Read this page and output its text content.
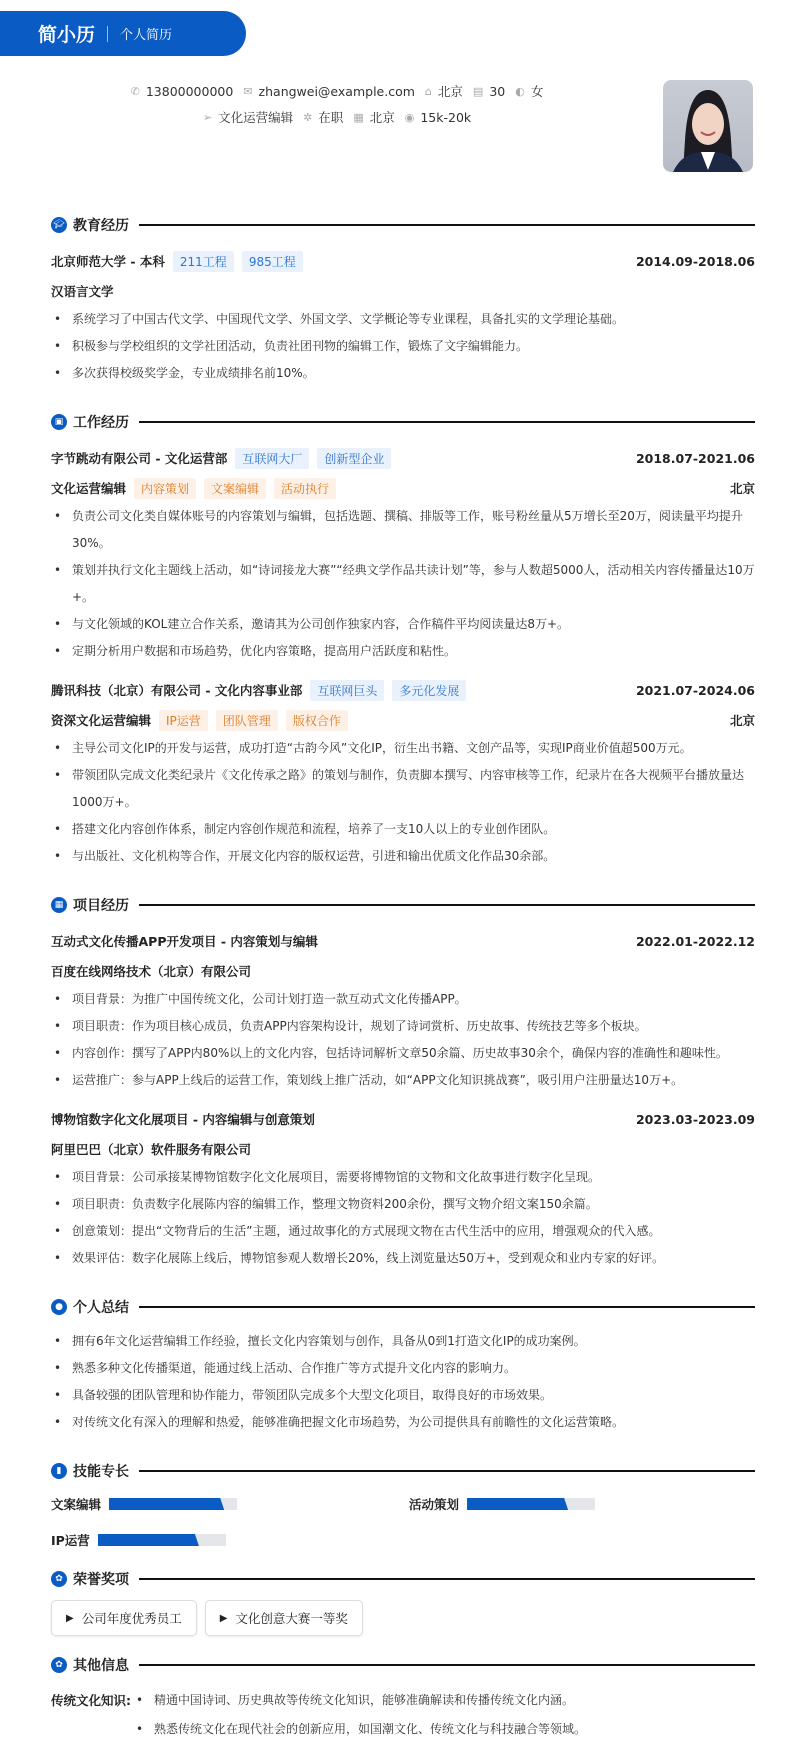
简小历 个人简历
✆ 13800000000 ✉ zhangwei@example.com ⌂ 北京 ▤ 30 ◐ 女
➢ 文化运营编辑 ✲ 在职 ▦ 北京 ◉ 15k-20k
🎓︎ 教育经历
北京师范大学 - 本科	211工程	985工程	2014.09-2018.06
汉语言文学
• 系统学习了中国古代文学、中国现代文学、外国文学、文学概论等专业课程，具备扎实的文学理论基础。
• 积极参与学校组织的文学社团活动，负责社团刊物的编辑工作，锻炼了文字编辑能力。
• 多次获得校级奖学金，专业成绩排名前10%。
▣ 工作经历
字节跳动有限公司 - 文化运营部	互联网大厂	创新型企业	2018.07-2021.06
文化运营编辑	内容策划	文案编辑	活动执行	北京
• 负责公司文化类自媒体账号的内容策划与编辑，包括选题、撰稿、排版等工作，账号粉丝量从5万增长至20万，阅读量平均提升30%。
• 策划并执行文化主题线上活动，如“诗词接龙大赛”“经典文学作品共读计划”等，参与人数超5000人，活动相关内容传播量达10万+。
• 与文化领域的KOL建立合作关系，邀请其为公司创作独家内容，合作稿件平均阅读量达8万+。
• 定期分析用户数据和市场趋势，优化内容策略，提高用户活跃度和粘性。
腾讯科技（北京）有限公司 - 文化内容事业部	互联网巨头	多元化发展	2021.07-2024.06
资深文化运营编辑	IP运营	团队管理	版权合作	北京
• 主导公司文化IP的开发与运营，成功打造“古韵今风”文化IP，衍生出书籍、文创产品等，实现IP商业价值超500万元。
• 带领团队完成文化类纪录片《文化传承之路》的策划与制作，负责脚本撰写、内容审核等工作，纪录片在各大视频平台播放量达1000万+。
• 搭建文化内容创作体系，制定内容创作规范和流程，培养了一支10人以上的专业创作团队。
• 与出版社、文化机构等合作，开展文化内容的版权运营，引进和输出优质文化作品30余部。
▦ 项目经历
互动式文化传播APP开发项目 - 内容策划与编辑	2022.01-2022.12
百度在线网络技术（北京）有限公司
• 项目背景：为推广中国传统文化，公司计划打造一款互动式文化传播APP。
• 项目职责：作为项目核心成员，负责APP内容架构设计，规划了诗词赏析、历史故事、传统技艺等多个板块。
• 内容创作：撰写了APP内80%以上的文化内容，包括诗词解析文章50余篇、历史故事30余个，确保内容的准确性和趣味性。
• 运营推广：参与APP上线后的运营工作，策划线上推广活动，如“APP文化知识挑战赛”，吸引用户注册量达10万+。
博物馆数字化文化展项目 - 内容编辑与创意策划	2023.03-2023.09
阿里巴巴（北京）软件服务有限公司
• 项目背景：公司承接某博物馆数字化文化展项目，需要将博物馆的文物和文化故事进行数字化呈现。
• 项目职责：负责数字化展陈内容的编辑工作，整理文物资料200余份，撰写文物介绍文案150余篇。
• 创意策划：提出“文物背后的生活”主题，通过故事化的方式展现文物在古代生活中的应用，增强观众的代入感。
• 效果评估：数字化展陈上线后，博物馆参观人数增长20%，线上浏览量达50万+，受到观众和业内专家的好评。
● 个人总结
• 拥有6年文化运营编辑工作经验，擅长文化内容策划与创作，具备从0到1打造文化IP的成功案例。
• 熟悉多种文化传播渠道，能通过线上活动、合作推广等方式提升文化内容的影响力。
• 具备较强的团队管理和协作能力，带领团队完成多个大型文化项目，取得良好的市场效果。
• 对传统文化有深入的理解和热爱，能够准确把握文化市场趋势，为公司提供具有前瞻性的文化运营策略。
▮ 技能专长
文案编辑	活动策划
IP运营
✿ 荣誉奖项
▶ 公司年度优秀员工	▶ 文化创意大赛一等奖
✿ 其他信息
传统文化知识:	• 精通中国诗词、历史典故等传统文化知识，能够准确解读和传播传统文化内涵。
• 熟悉传统文化在现代社会的创新应用，如国潮文化、传统文化与科技融合等领域。
